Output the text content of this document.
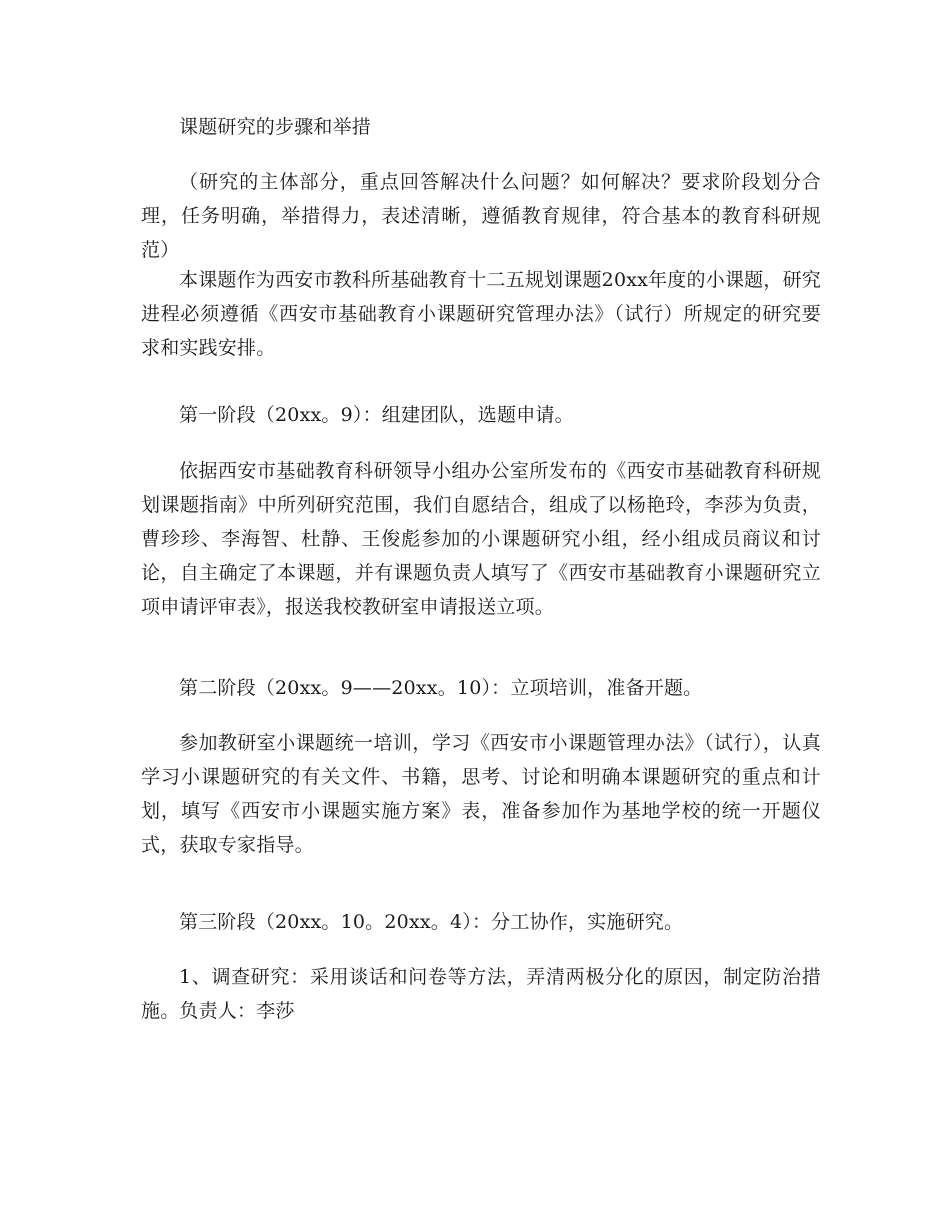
课题研究的步骤和举措

（研究的主体部分，重点回答解决什么问题？如何解决？要求阶段划分合理，任务明确，举措得力，表述清晰，遵循教育规律，符合基本的教育科研规范）

本课题作为西安市教科所基础教育十二五规划课题20xx年度的小课题，研究进程必须遵循《西安市基础教育小课题研究管理办法》（试行）所规定的研究要求和实践安排。

第一阶段（20xx。9）：组建团队，选题申请。

依据西安市基础教育科研领导小组办公室所发布的《西安市基础教育科研规划课题指南》中所列研究范围，我们自愿结合，组成了以杨艳玲，李莎为负责，曹珍珍、李海智、杜静、王俊彪参加的小课题研究小组，经小组成员商议和讨论，自主确定了本课题，并有课题负责人填写了《西安市基础教育小课题研究立项申请评审表》，报送我校教研室申请报送立项。

第二阶段（20xx。9——20xx。10）：立项培训，准备开题。

参加教研室小课题统一培训，学习《西安市小课题管理办法》（试行），认真学习小课题研究的有关文件、书籍，思考、讨论和明确本课题研究的重点和计划，填写《西安市小课题实施方案》表，准备参加作为基地学校的统一开题仪式，获取专家指导。

第三阶段（20xx。10。20xx。4）：分工协作，实施研究。

1、调查研究：采用谈话和问卷等方法，弄清两极分化的原因，制定防治措施。负责人：李莎
